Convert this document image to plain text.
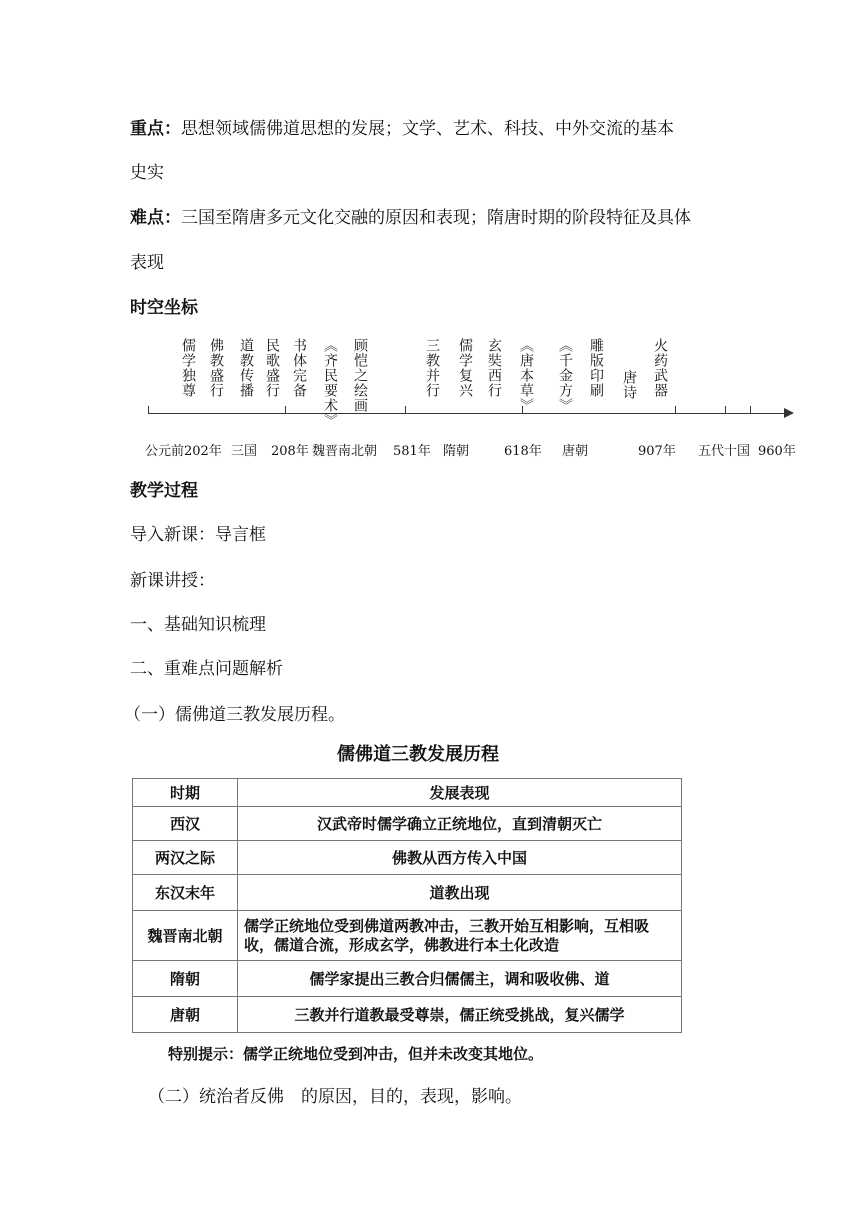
重点：思想领域儒佛道思想的发展；文学、艺术、科技、中外交流的基本
史实
难点：三国至隋唐多元文化交融的原因和表现；隋唐时期的阶段特征及具体
表现
时空坐标
儒学独尊 佛教盛行 道教传播 民歌盛行 书体完备 《齐民要术》 顾恺之绘画	三教并行 儒学复兴 玄奘西行 《唐本草》 《千金方》 雕版印刷 唐诗 火药武器
公元前202年 三国 208年 魏晋南北朝 581年 隋朝	618年 唐朝	907年 五代十国 960年
教学过程
导入新课：导言框
新课讲授：
一、基础知识梳理
二、重难点问题解析
（一）儒佛道三教发展历程。
儒佛道三教发展历程
时期	发展表现
西汉	汉武帝时儒学确立正统地位，直到清朝灭亡
两汉之际	佛教从西方传入中国
东汉末年	道教出现
魏晋南北朝	儒学正统地位受到佛道两教冲击，三教开始互相影响，互相吸收，儒道合流，形成玄学，佛教进行本土化改造
隋朝	儒学家提出三教合归儒儒主，调和吸收佛、道
唐朝	三教并行道教最受尊崇，儒正统受挑战，复兴儒学
特别提示：儒学正统地位受到冲击，但并未改变其地位。
（二）统治者反佛　的原因，目的，表现，影响。
